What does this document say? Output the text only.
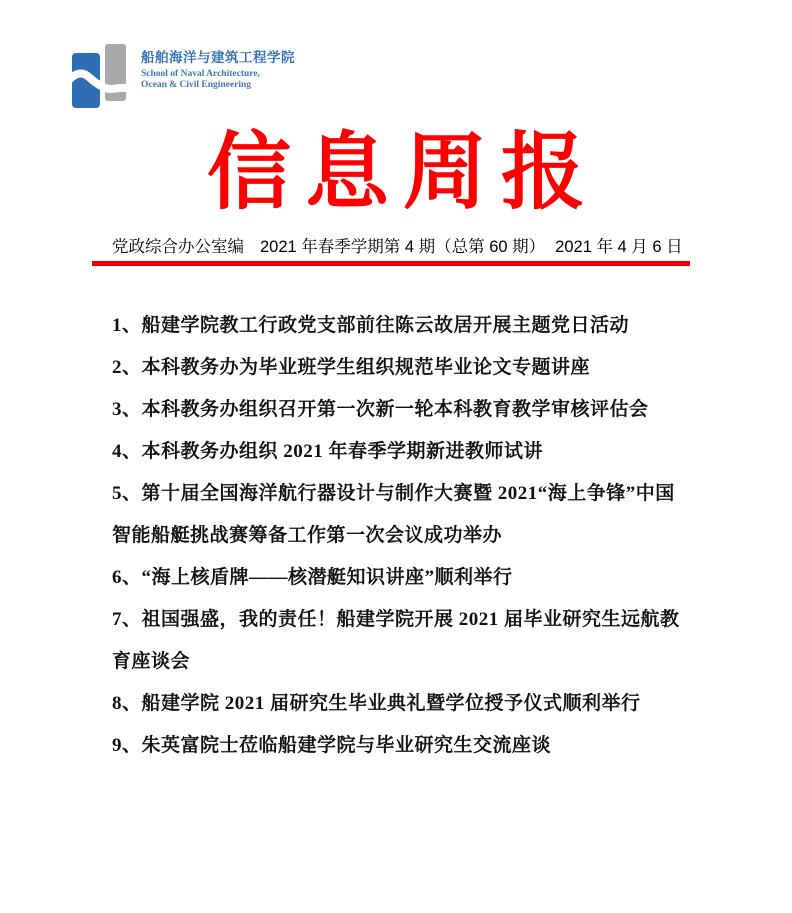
船舶海洋与建筑工程学院
School of Naval Architecture,
Ocean & Civil Engineering
信息周报
党政综合办公室编 2021 年春季学期第 4 期（总第 60 期） 2021 年 4 月 6 日

1、船建学院教工行政党支部前往陈云故居开展主题党日活动

2、本科教务办为毕业班学生组织规范毕业论文专题讲座

3、本科教务办组织召开第一次新一轮本科教育教学审核评估会

4、本科教务办组织 2021 年春季学期新进教师试讲

5、第十届全国海洋航行器设计与制作大赛暨 2021“海上争锋”中国智能船艇挑战赛筹备工作第一次会议成功举办

6、“海上核盾牌——核潜艇知识讲座”顺利举行

7、祖国强盛，我的责任！船建学院开展 2021 届毕业研究生远航教育座谈会

8、船建学院 2021 届研究生毕业典礼暨学位授予仪式顺利举行

9、朱英富院士莅临船建学院与毕业研究生交流座谈
